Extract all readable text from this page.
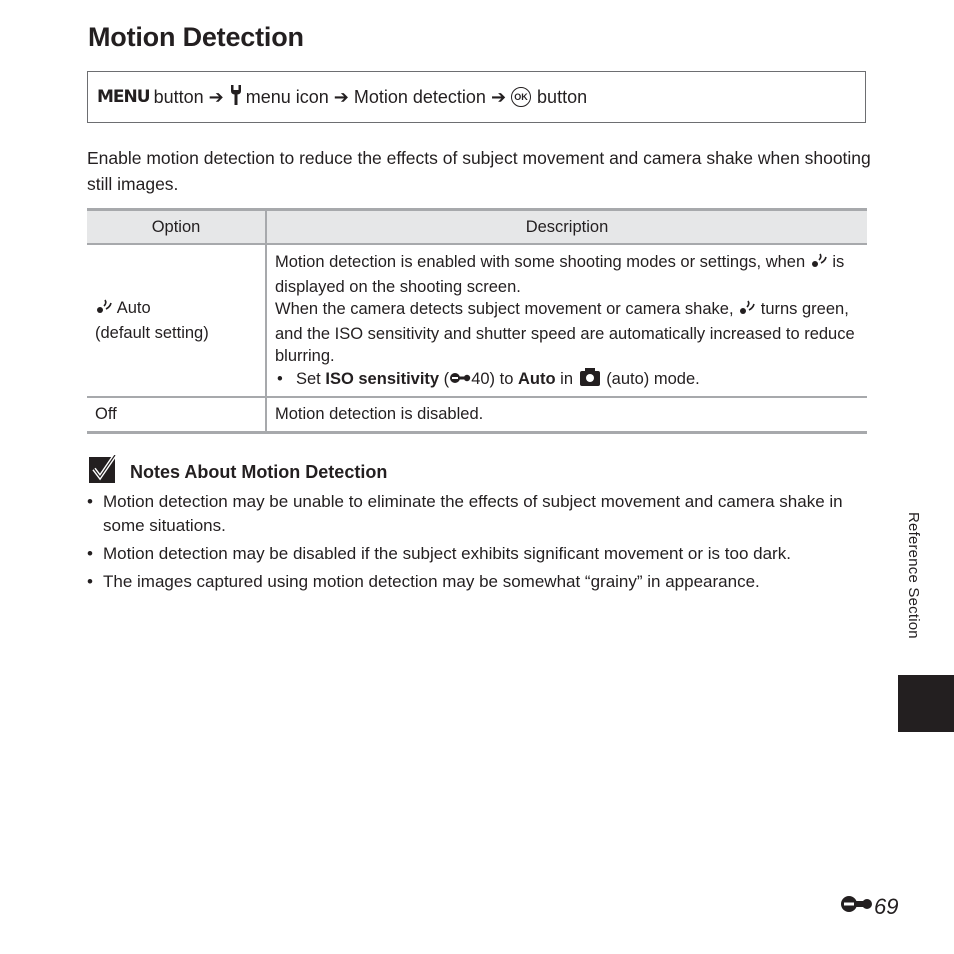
Motion Detection
MENU button ➔ menu icon ➔ Motion detection ➔ OK button

Enable motion detection to reduce the effects of subject movement and camera shake when shooting still images.

Option	Description
Auto
(default setting)	Motion detection is enabled with some shooting modes or settings, when is displayed on the shooting screen.
When the camera detects subject movement or camera shake, turns green, and the ISO sensitivity and shutter speed are automatically increased to reduce blurring.
• Set ISO sensitivity ( 40) to Auto in (auto) mode.

Off	Motion detection is disabled.
Notes About Motion Detection
• Motion detection may be unable to eliminate the effects of subject movement and camera shake in some situations.
• Motion detection may be disabled if the subject exhibits significant movement or is too dark.
• The images captured using motion detection may be somewhat “grainy” in appearance.	Reference Section
69
